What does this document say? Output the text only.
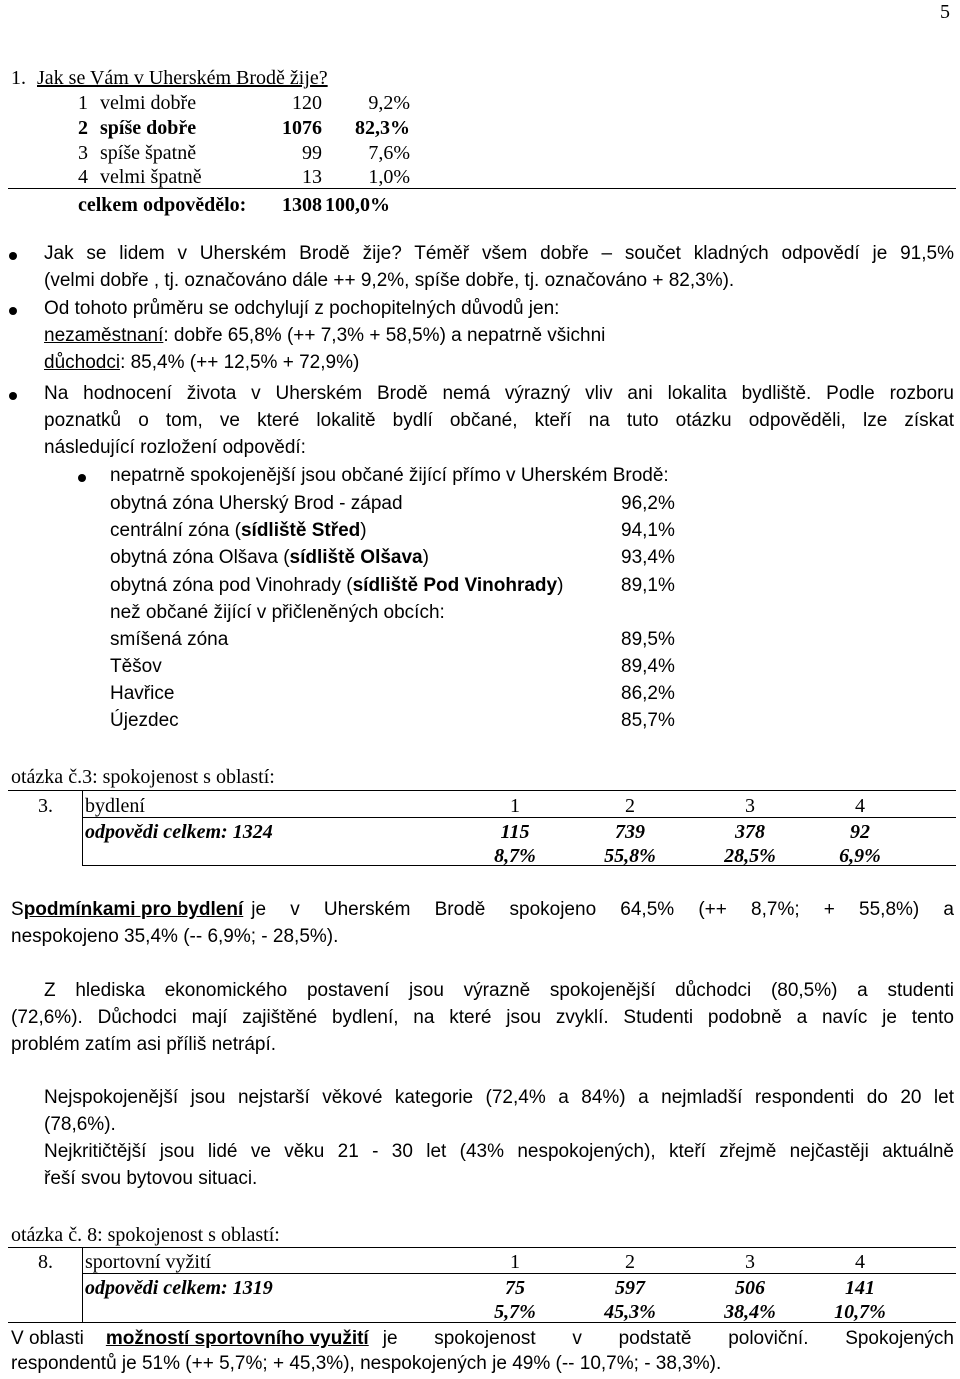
5
1. Jak se Vám v Uherském Brodě žije?
1 velmi dobře	120	9,2%
2 spíše dobře	1076	82,3%
3 spíše špatně	99	7,6%
4 velmi špatně	13	1,0%
celkem odpovědělo:	1308 100,0%
Jak se lidem v Uherském Brodě žije? Téměř všem dobře – součet kladných odpovědí je 91,5%
(velmi dobře , tj. označováno dále ++ 9,2%, spíše dobře, tj. označováno + 82,3%).
Od tohoto průměru se odchylují z pochopitelných důvodů jen:
nezaměstnaní: dobře 65,8% (++ 7,3% + 58,5%) a nepatrně všichni
důchodci: 85,4% (++ 12,5% + 72,9%)
Na hodnocení života v Uherském Brodě nemá výrazný vliv ani lokalita bydliště. Podle rozboru
poznatků o tom, ve které lokalitě bydlí občané, kteří na tuto otázku odpověděli, lze získat
následující rozložení odpovědí:
nepatrně spokojenější jsou občané žijící přímo v Uherském Brodě:
obytná zóna Uherský Brod - západ	96,2%
centrální zóna (sídliště Střed)	94,1%
obytná zóna Olšava (sídliště Olšava)	93,4%
obytná zóna pod Vinohrady (sídliště Pod Vinohrady)	89,1%
než občané žijící v přičleněných obcích:
smíšená zóna	89,5%
Těšov	89,4%
Havřice	86,2%
Újezdec	85,7%
otázka č.3: spokojenost s oblastí:
3. bydlení	1	2	3	4
odpovědi celkem: 1324	115	739	378	92
8,7%	55,8%	28,5%	6,9%
S podmínkami pro bydlení je v Uherském Brodě spokojeno 64,5% (++ 8,7%; + 55,8%) a
nespokojeno 35,4% (-- 6,9%; - 28,5%).
Z hlediska ekonomického postavení jsou výrazně spokojenější důchodci (80,5%) a studenti
(72,6%). Důchodci mají zajištěné bydlení, na které jsou zvyklí. Studenti podobně a navíc je tento
problém zatím asi příliš netrápí.
Nejspokojenější jsou nejstarší věkové kategorie (72,4% a 84%) a nejmladší respondenti do 20 let
(78,6%).
Nejkritičtější jsou lidé ve věku 21 - 30 let (43% nespokojených), kteří zřejmě nejčastěji aktuálně
řeší svou bytovou situaci.
otázka č. 8: spokojenost s oblastí:
8. sportovní vyžití	1	2	3	4
odpovědi celkem: 1319	75	597	506	141
5,7%	45,3%	38,4%	10,7%
V oblasti možností sportovního využití je spokojenost v podstatě poloviční. Spokojených
respondentů je 51% (++ 5,7%; + 45,3%), nespokojených je 49% (-- 10,7%; - 38,3%).
